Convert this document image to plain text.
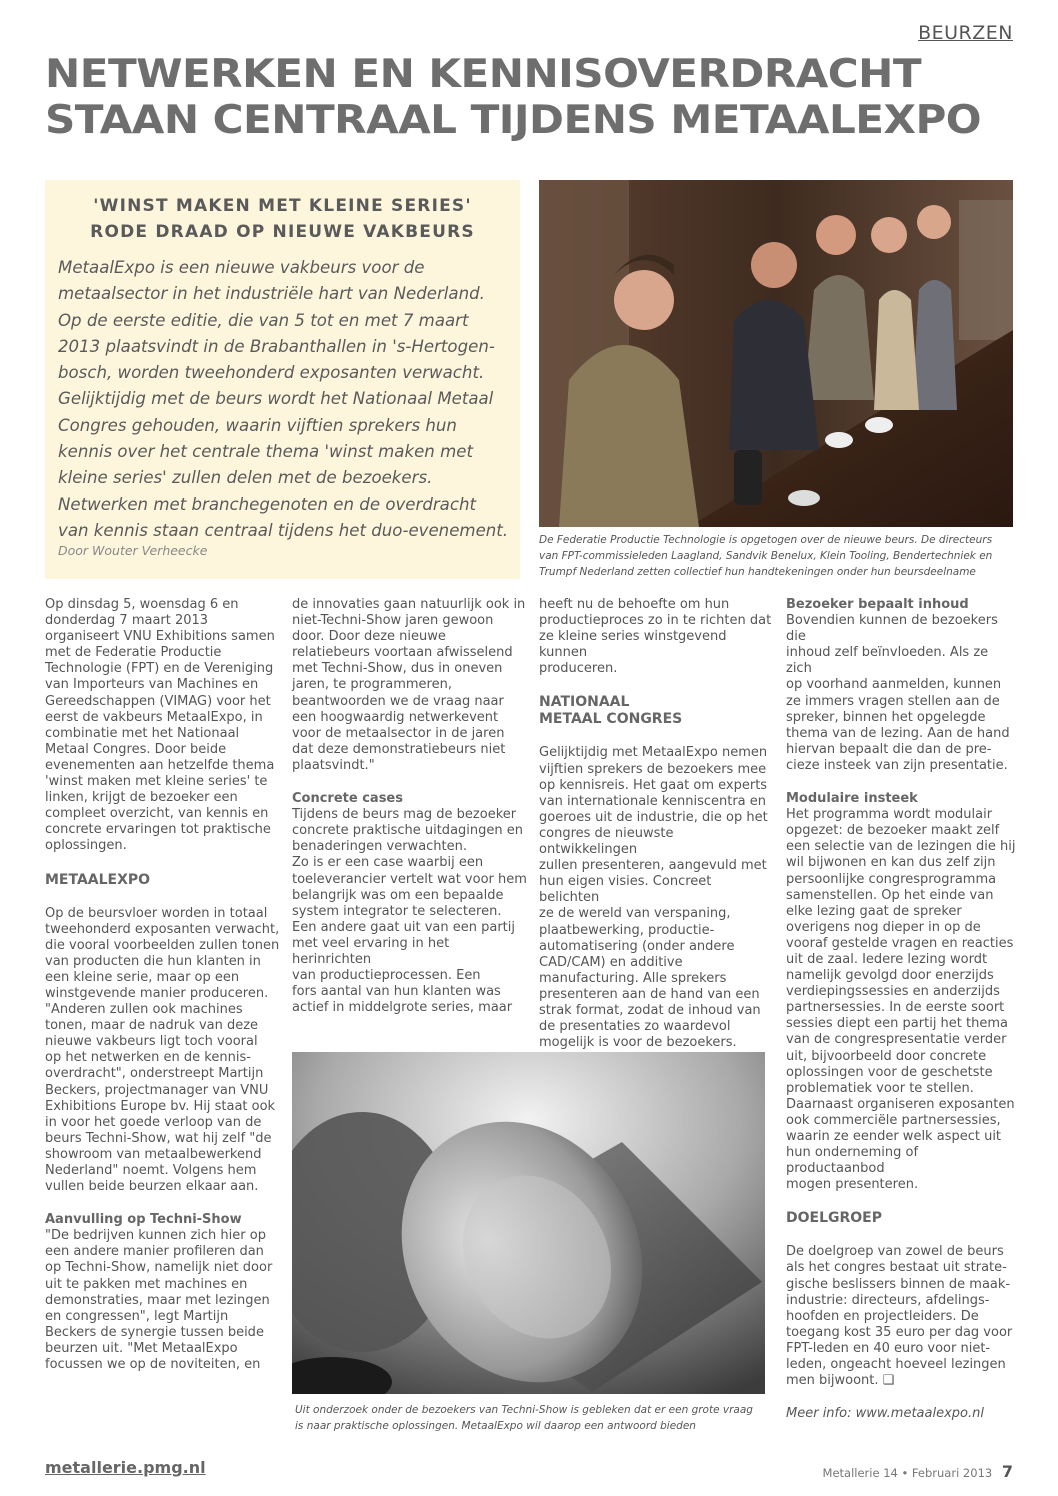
BEURZEN
NETWERKEN EN KENNISOVERDRACHT
STAAN CENTRAAL TIJDENS METAALEXPO
'WINST MAKEN MET KLEINE SERIES'
RODE DRAAD OP NIEUWE VAKBEURS

MetaalExpo is een nieuwe vakbeurs voor de
metaalsector in het industriële hart van Nederland.
Op de eerste editie, die van 5 tot en met 7 maart
2013 plaatsvindt in de Brabanthallen in 's-Hertogen-
bosch, worden tweehonderd exposanten verwacht.
Gelijktijdig met de beurs wordt het Nationaal Metaal
Congres gehouden, waarin vijftien sprekers hun
kennis over het centrale thema 'winst maken met
kleine series' zullen delen met de bezoekers.
Netwerken met branchegenoten en de overdracht
van kennis staan centraal tijdens het duo-evenement.

Door Wouter Verheecke
De Federatie Productie Technologie is opgetogen over de nieuwe beurs. De directeurs
van FPT-commissieleden Laagland, Sandvik Benelux, Klein Tooling, Bendertechniek en
Trumpf Nederland zetten collectief hun handtekeningen onder hun beursdeelname

Op dinsdag 5, woensdag 6 en
donderdag 7 maart 2013
organiseert VNU Exhibitions samen
met de Federatie Productie
Technologie (FPT) en de Vereniging
van Importeurs van Machines en
Gereedschappen (VIMAG) voor het
eerst de vakbeurs MetaalExpo, in
combinatie met het Nationaal
Metaal Congres. Door beide
evenementen aan hetzelfde thema
'winst maken met kleine series' te
linken, krijgt de bezoeker een
compleet overzicht, van kennis en
concrete ervaringen tot praktische
oplossingen.

METAALEXPO

Op de beursvloer worden in totaal
tweehonderd exposanten verwacht,
die vooral voorbeelden zullen tonen
van producten die hun klanten in
een kleine serie, maar op een
winstgevende manier produceren.
"Anderen zullen ook machines
tonen, maar de nadruk van deze
nieuwe vakbeurs ligt toch vooral
op het netwerken en de kennis-
overdracht", onderstreept Martijn
Beckers, projectmanager van VNU
Exhibitions Europe bv. Hij staat ook
in voor het goede verloop van de
beurs Techni-Show, wat hij zelf "de
showroom van metaalbewerkend
Nederland" noemt. Volgens hem
vullen beide beurzen elkaar aan.

Aanvulling op Techni-Show

"De bedrijven kunnen zich hier op
een andere manier profileren dan
op Techni-Show, namelijk niet door
uit te pakken met machines en
demonstraties, maar met lezingen
en congressen", legt Martijn
Beckers de synergie tussen beide
beurzen uit. "Met MetaalExpo
focussen we op de noviteiten, en

de innovaties gaan natuurlijk ook in
niet-Techni-Show jaren gewoon
door. Door deze nieuwe
relatiebeurs voortaan afwisselend
met Techni-Show, dus in oneven
jaren, te programmeren,
beantwoorden we de vraag naar
een hoogwaardig netwerkevent
voor de metaalsector in de jaren
dat deze demonstratiebeurs niet
plaatsvindt."

Concrete cases

Tijdens de beurs mag de bezoeker
concrete praktische uitdagingen en
benaderingen verwachten.
Zo is er een case waarbij een
toeleverancier vertelt wat voor hem
belangrijk was om een bepaalde
system integrator te selecteren.
Een andere gaat uit van een partij
met veel ervaring in het herinrichten
van productieprocessen. Een
fors aantal van hun klanten was
actief in middelgrote series, maar

heeft nu de behoefte om hun
productieproces zo in te richten dat
ze kleine series winstgevend kunnen
produceren.

NATIONAAL
METAAL CONGRES

Gelijktijdig met MetaalExpo nemen
vijftien sprekers de bezoekers mee
op kennisreis. Het gaat om experts
van internationale kenniscentra en
goeroes uit de industrie, die op het
congres de nieuwste ontwikkelingen
zullen presenteren, aangevuld met
hun eigen visies. Concreet belichten
ze de wereld van verspaning,
plaatbewerking, productie-
automatisering (onder andere
CAD/CAM) en additive
manufacturing. Alle sprekers
presenteren aan de hand van een
strak format, zodat de inhoud van
de presentaties zo waardevol
mogelijk is voor de bezoekers.

Bezoeker bepaalt inhoud

Bovendien kunnen de bezoekers die
inhoud zelf beïnvloeden. Als ze zich
op voorhand aanmelden, kunnen
ze immers vragen stellen aan de
spreker, binnen het opgelegde
thema van de lezing. Aan de hand
hiervan bepaalt die dan de pre-
cieze insteek van zijn presentatie.

Modulaire insteek

Het programma wordt modulair
opgezet: de bezoeker maakt zelf
een selectie van de lezingen die hij
wil bijwonen en kan dus zelf zijn
persoonlijke congresprogramma
samenstellen. Op het einde van
elke lezing gaat de spreker
overigens nog dieper in op de
vooraf gestelde vragen en reacties
uit de zaal. Iedere lezing wordt
namelijk gevolgd door enerzijds
verdiepingssessies en anderzijds
partnersessies. In de eerste soort
sessies diept een partij het thema
van de congrespresentatie verder
uit, bijvoorbeeld door concrete
oplossingen voor de geschetste
problematiek voor te stellen.
Daarnaast organiseren exposanten
ook commerciële partnersessies,
waarin ze eender welk aspect uit
hun onderneming of productaanbod
mogen presenteren.

DOELGROEP

De doelgroep van zowel de beurs
als het congres bestaat uit strate-
gische beslissers binnen de maak-
industrie: directeurs, afdelings-
hoofden en projectleiders. De
toegang kost 35 euro per dag voor
FPT-leden en 40 euro voor niet-
leden, ongeacht hoeveel lezingen
men bijwoont. ❑

Meer info: www.metaalexpo.nl

Uit onderzoek onder de bezoekers van Techni-Show is gebleken dat er een grote vraag
is naar praktische oplossingen. MetaalExpo wil daarop een antwoord bieden
metallerie.pmg.nl	Metallerie 14 • Februari 2013 7
